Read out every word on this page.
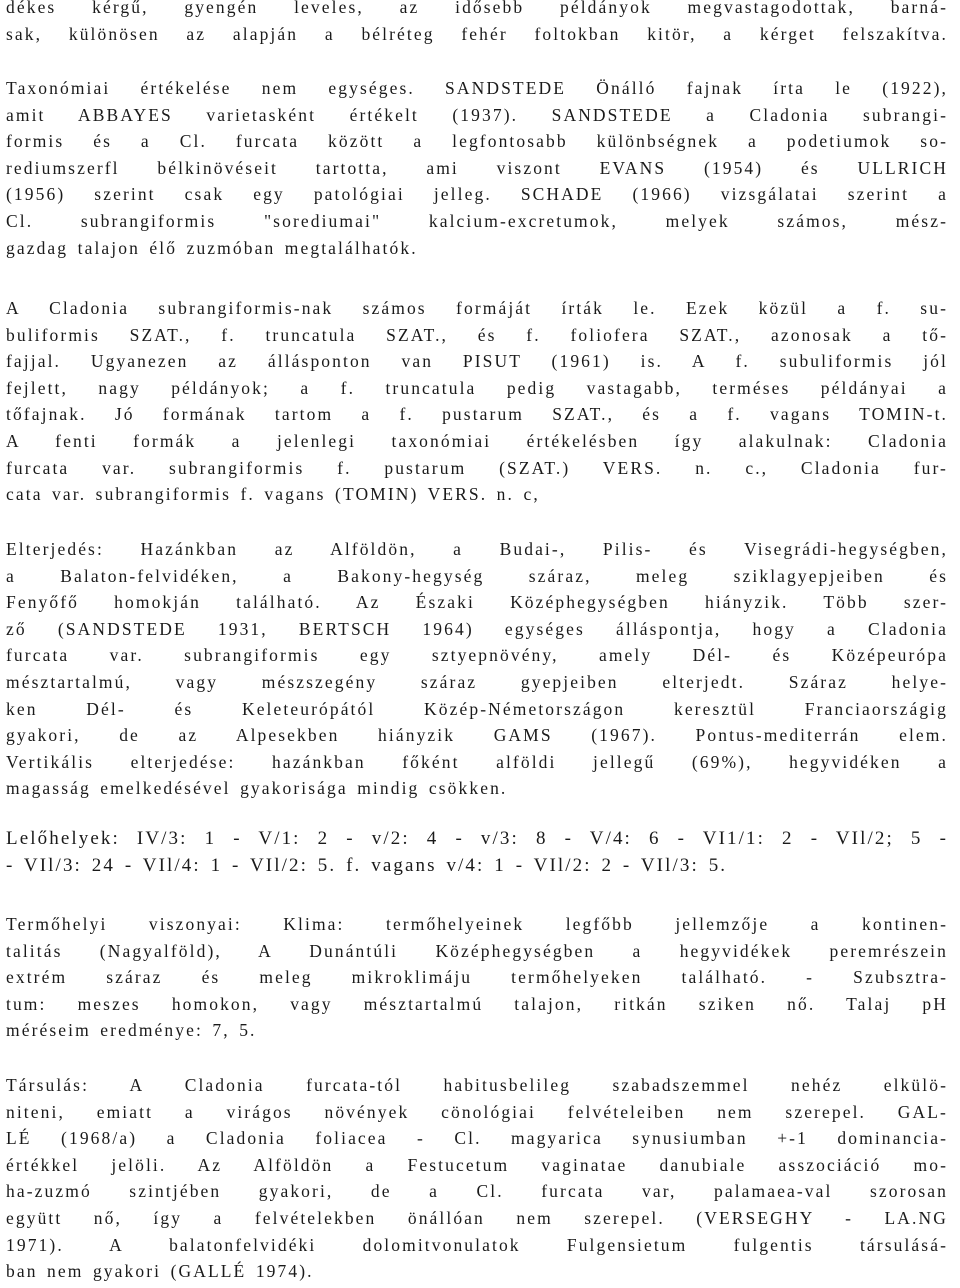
dékes kérgű, gyengén leveles, az idősebb példányok megvastagodottak, barná-
sak, különösen az alapján a bélréteg fehér foltokban kitör, a kérget felszakítva.
Taxonómiai értékelése nem egységes. SANDSTEDE Önálló fajnak írta le (1922),
amit ABBAYES varietasként értékelt (1937). SANDSTEDE a Cladonia subrangi-
formis és a Cl. furcata között a legfontosabb különbségnek a podetiumok so-
rediumszerfl bélkinövéseit tartotta, ami viszont EVANS (1954) és ULLRICH
(1956) szerint csak egy patológiai jelleg. SCHADE (1966) vizsgálatai szerint a
Cl. subrangiformis "sorediumai" kalcium-excretumok, melyek számos, mész-
gazdag talajon élő zuzmóban megtalálhatók.
A Cladonia subrangiformis-nak számos formáját írták le. Ezek közül a f. su-
buliformis SZAT., f. truncatula SZAT., és f. foliofera SZAT., azonosak a tő-
fajjal. Ugyanezen az állásponton van PISUT (1961) is. A f. subuliformis jól
fejlett, nagy példányok; a f. truncatula pedig vastagabb, terméses példányai a
tőfajnak. Jó formának tartom a f. pustarum SZAT., és a f. vagans TOMIN-t.
A fenti formák a jelenlegi taxonómiai értékelésben így alakulnak: Cladonia
furcata var. subrangiformis f. pustarum (SZAT.) VERS. n. c., Cladonia fur-
cata var. subrangiformis f. vagans (TOMIN) VERS. n. c,
Elterjedés: Hazánkban az Alföldön, a Budai-, Pilis- és Visegrádi-hegységben,
a Balaton-felvidéken, a Bakony-hegység száraz, meleg sziklagyepjeiben és
Fenyőfő homokján található. Az Északi Középhegységben hiányzik. Több szer-
ző (SANDSTEDE 1931, BERTSCH 1964) egységes álláspontja, hogy a Cladonia
furcata var. subrangiformis egy sztyepnövény, amely Dél- és Középeurópa
mésztartalmú, vagy mészszegény száraz gyepjeiben elterjedt. Száraz helye-
ken Dél- és Keleteurópától Közép-Németországon keresztül Franciaországig
gyakori, de az Alpesekben hiányzik GAMS (1967). Pontus-mediterrán elem.
Vertikális elterjedése: hazánkban főként alföldi jellegű (69%), hegyvidéken a
magasság emelkedésével gyakorisága mindig csökken.
Lelőhelyek: IV/3: 1 - V/1: 2 - v/2: 4 - v/3: 8 - V/4: 6 - VI1/1: 2 - VIl/2; 5 -
- VIl/3: 24 - VIl/4: 1 - VIl/2: 5. f. vagans v/4: 1 - VIl/2: 2 - VIl/3: 5.
Termőhelyi viszonyai: Klima: termőhelyeinek legfőbb jellemzője a kontinen-
talitás (Nagyalföld), A Dunántúli Középhegységben a hegyvidékek peremrészein
extrém száraz és meleg mikroklimáju termőhelyeken található. - Szubsztra-
tum: meszes homokon, vagy mésztartalmú talajon, ritkán sziken nő. Talaj pH
méréseim eredménye: 7, 5.
Társulás: A Cladonia furcata-tól habitusbelileg szabadszemmel nehéz elkülö-
niteni, emiatt a virágos növények cönológiai felvételeiben nem szerepel. GAL-
LÉ (1968/a) a Cladonia foliacea - Cl. magyarica synusiumban +-1 dominancia-
értékkel jelöli. Az Alföldön a Festucetum vaginatae danubiale asszociáció mo-
ha-zuzmó szintjében gyakori, de a Cl. furcata var, palamaea-val szorosan
együtt nő, így a felvételekben önállóan nem szerepel. (VERSEGHY - LA.NG
1971). A balatonfelvidéki dolomitvonulatok Fulgensietum fulgentis társulásá-
ban nem gyakori (GALLÉ 1974).
